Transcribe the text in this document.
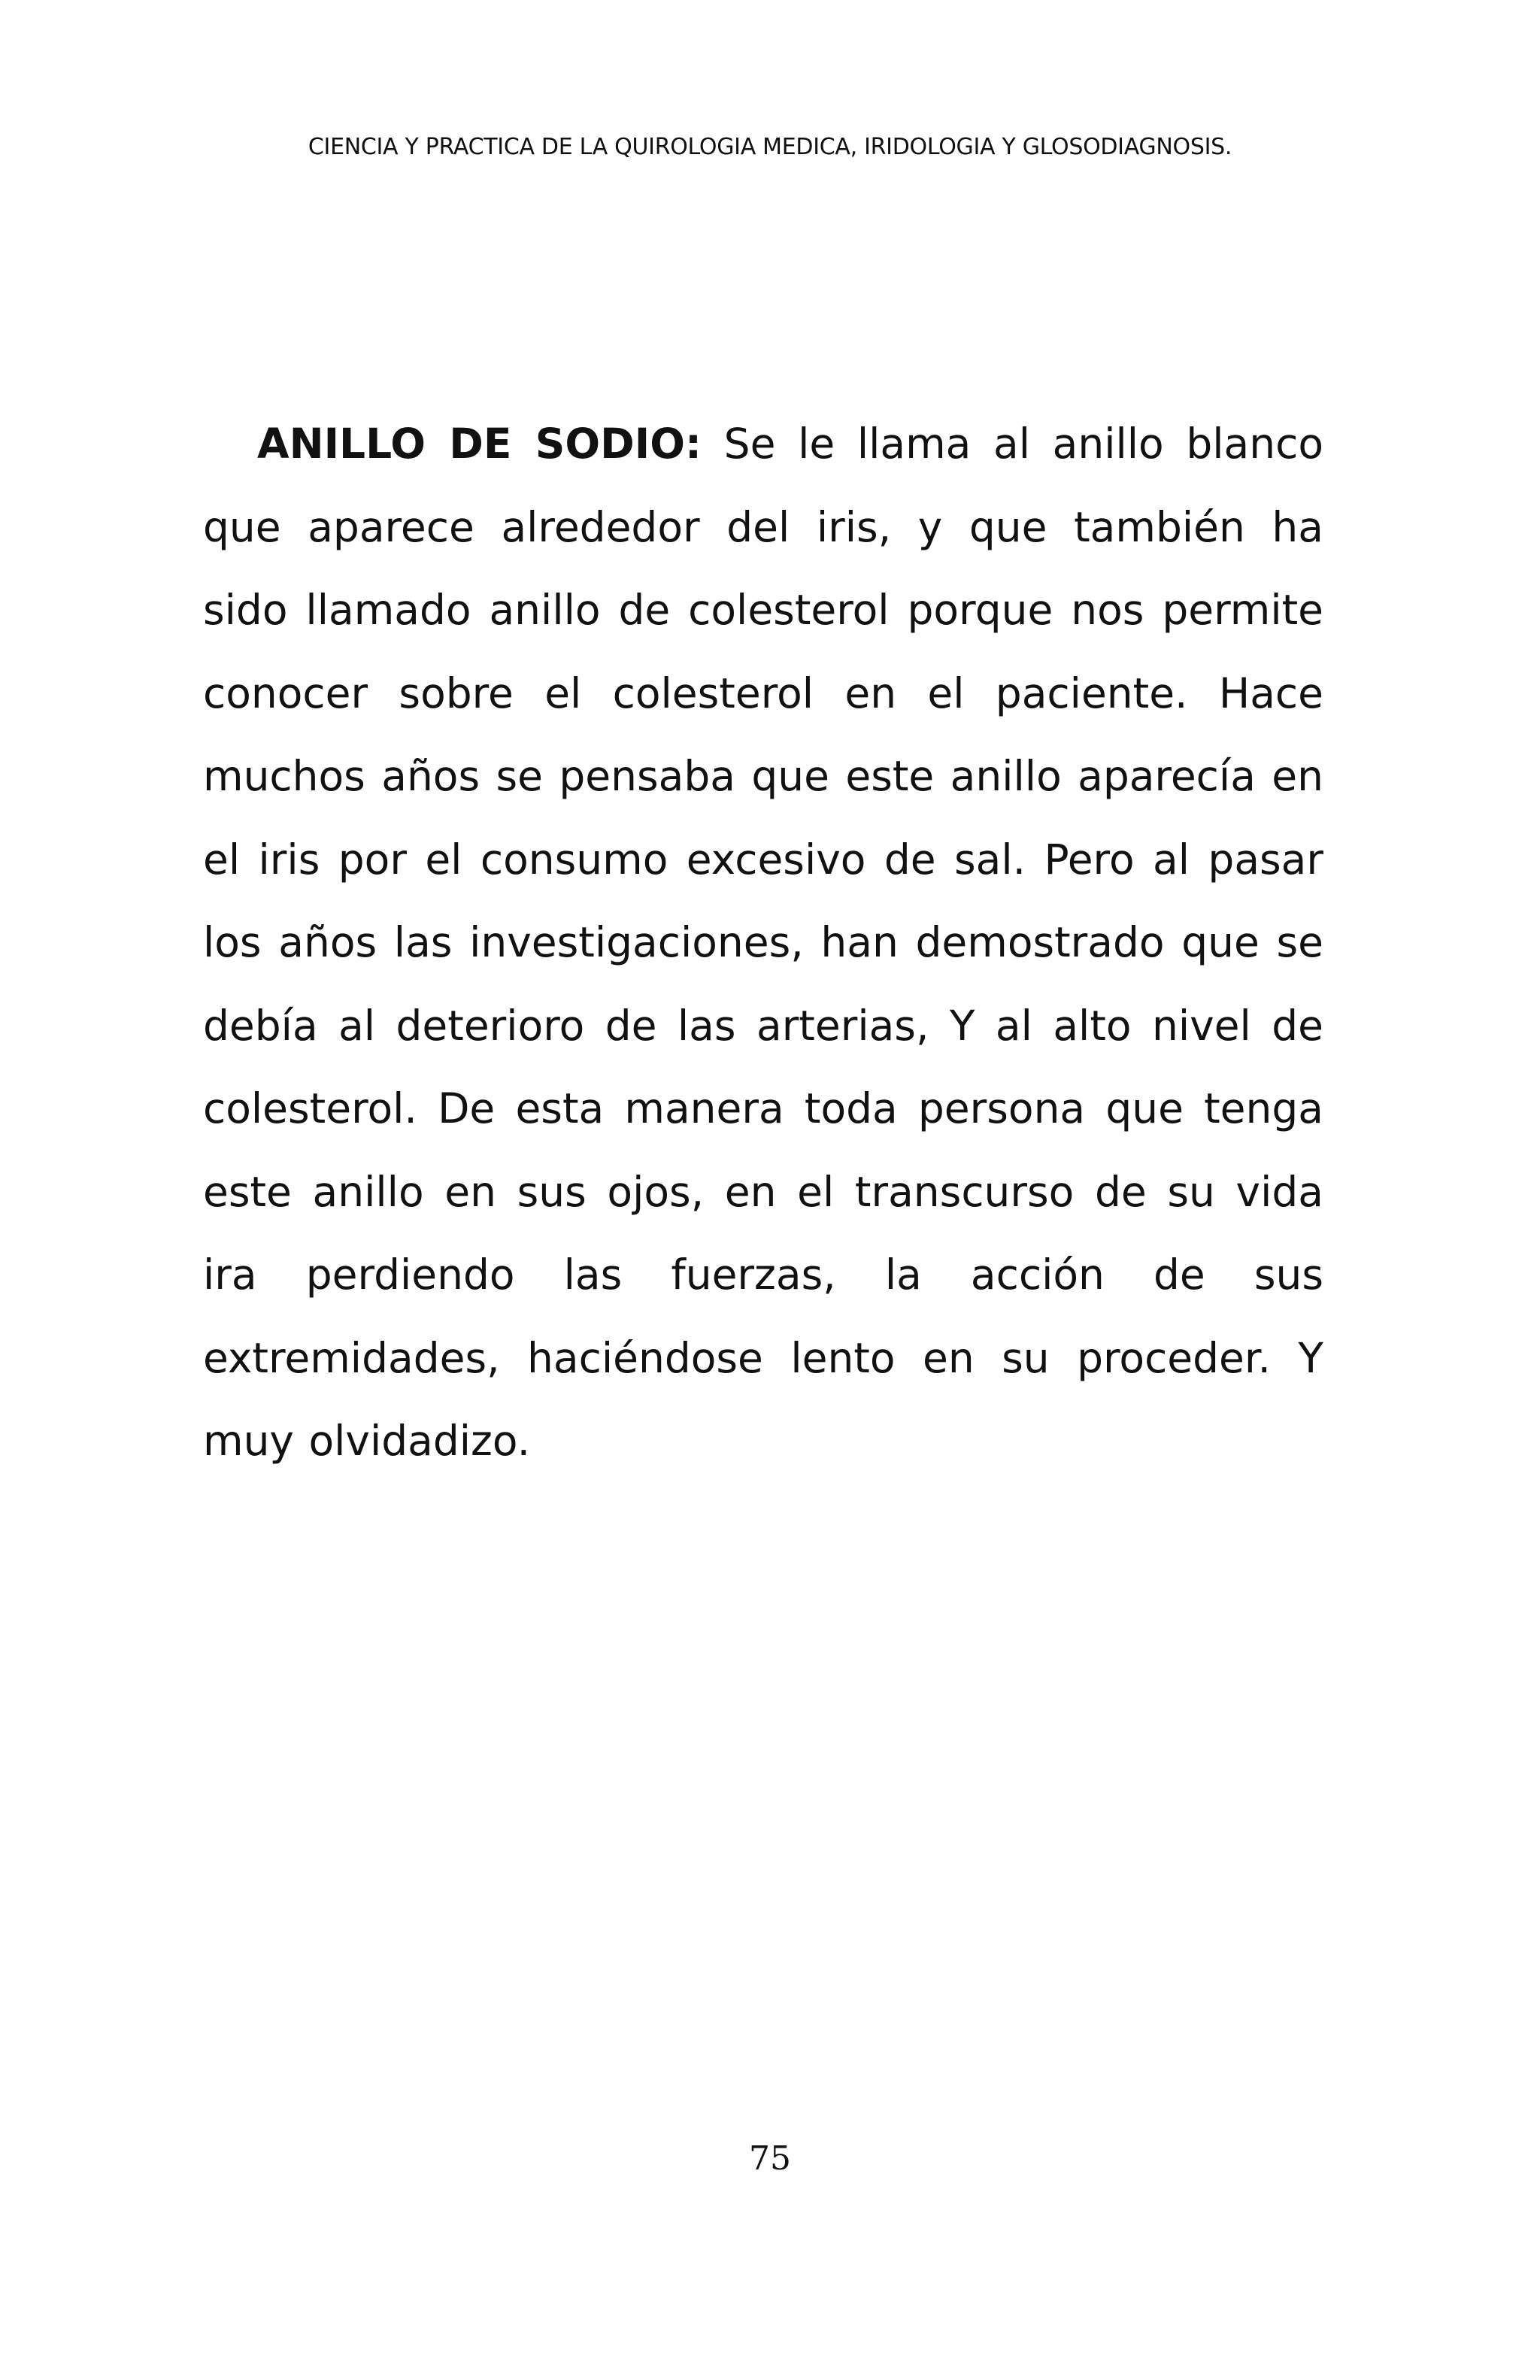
CIENCIA Y PRACTICA DE LA QUIROLOGIA MEDICA, IRIDOLOGIA Y GLOSODIAGNOSIS.

ANILLO DE SODIO: Se le llama al anillo blanco que aparece alrededor del iris, y que también ha sido llamado anillo de colesterol porque nos permite conocer sobre el colesterol en el paciente. Hace muchos años se pensaba que este anillo aparecía en el iris por el consumo excesivo de sal. Pero al pasar los años las investigaciones, han demostrado que se debía al deterioro de las arterias, Y al alto nivel de colesterol. De esta manera toda persona que tenga este anillo en sus ojos, en el transcurso de su vida ira perdiendo las fuerzas, la acción de sus extremidades, haciéndose lento en su proceder. Y muy olvidadizo.

75
